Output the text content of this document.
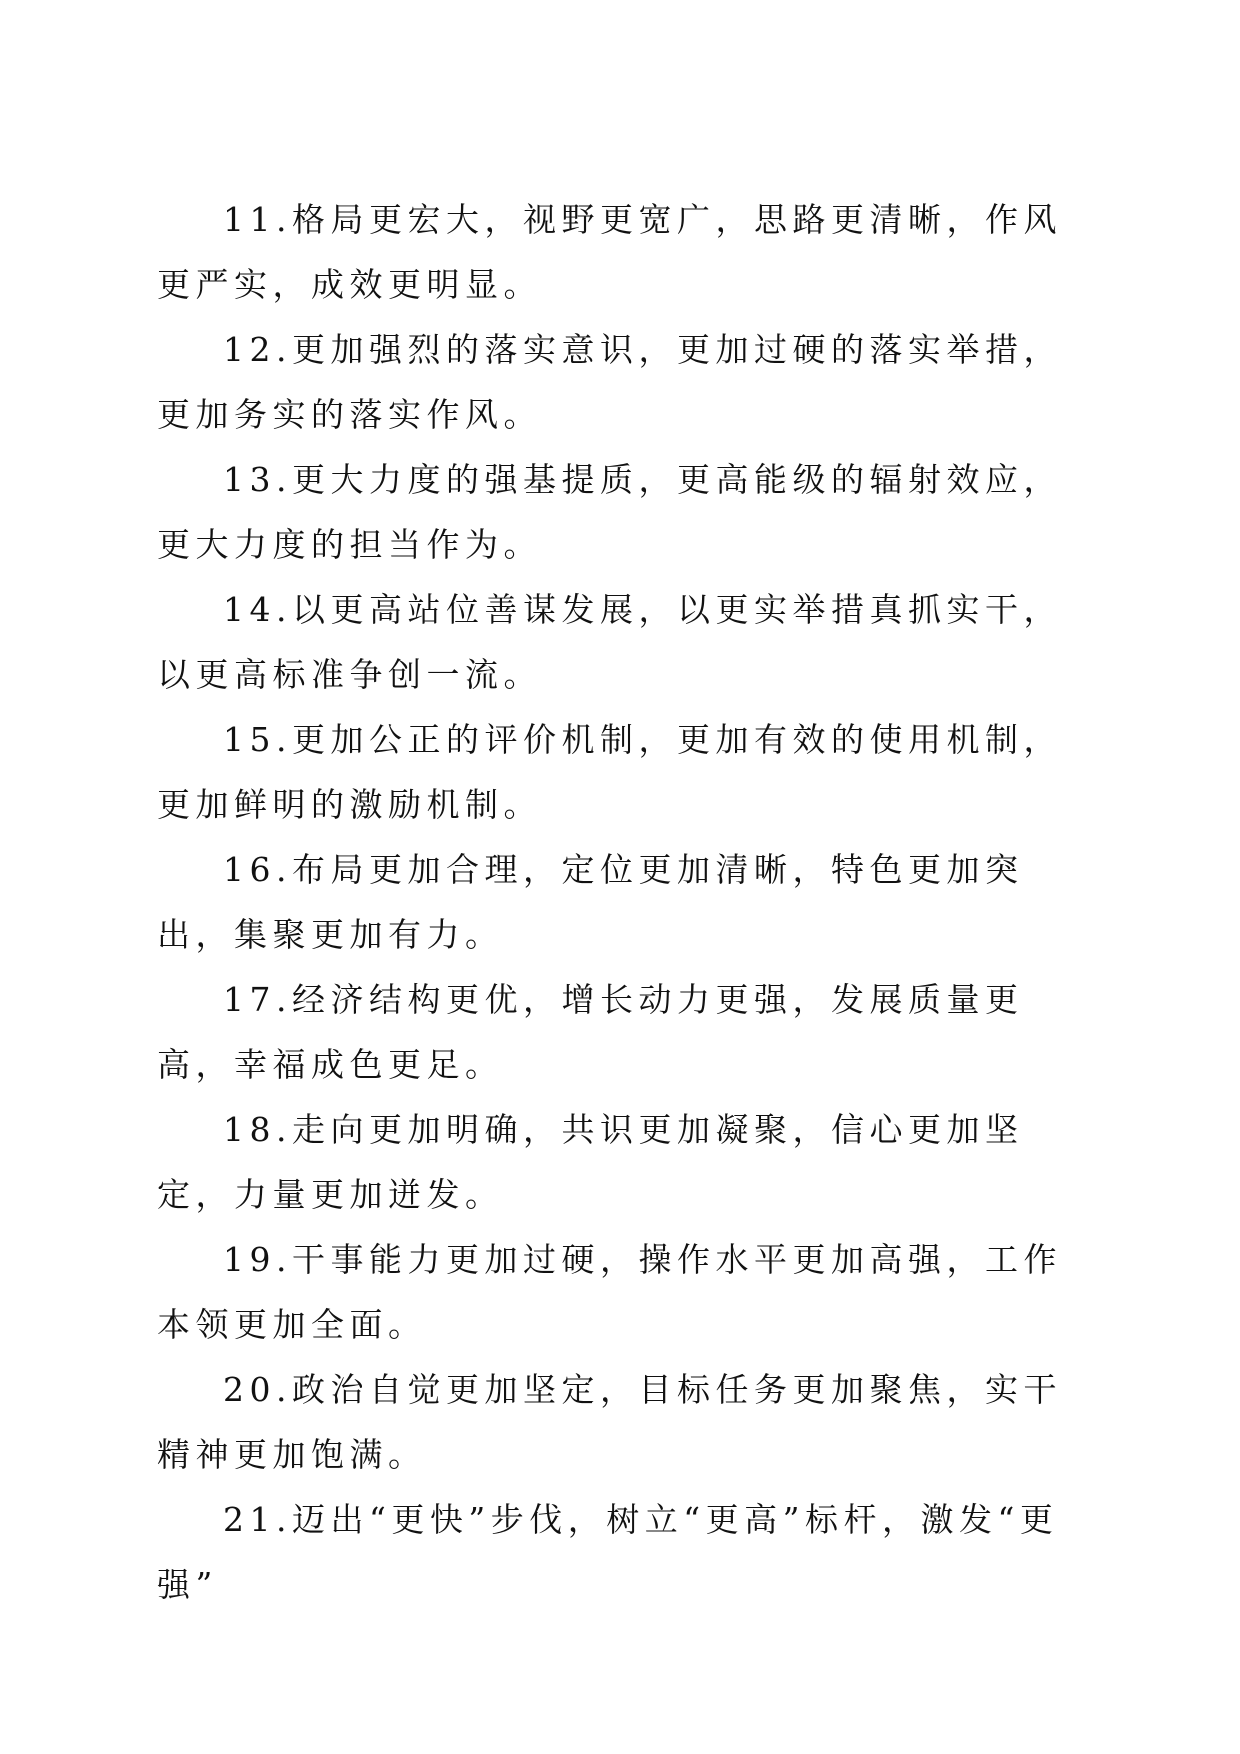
11.格局更宏大，视野更宽广，思路更清晰，作风更严实，成效更明显。

12.更加强烈的落实意识，更加过硬的落实举措，更加务实的落实作风。

13.更大力度的强基提质，更高能级的辐射效应，更大力度的担当作为。

14.以更高站位善谋发展，以更实举措真抓实干，以更高标准争创一流。

15.更加公正的评价机制，更加有效的使用机制，更加鲜明的激励机制。

16.布局更加合理，定位更加清晰，特色更加突出，集聚更加有力。

17.经济结构更优，增长动力更强，发展质量更高，幸福成色更足。

18.走向更加明确，共识更加凝聚，信心更加坚定，力量更加迸发。

19.干事能力更加过硬，操作水平更加高强，工作本领更加全面。

20.政治自觉更加坚定，目标任务更加聚焦，实干精神更加饱满。

21.迈出“更快”步伐，树立“更高”标杆，激发“更强”
